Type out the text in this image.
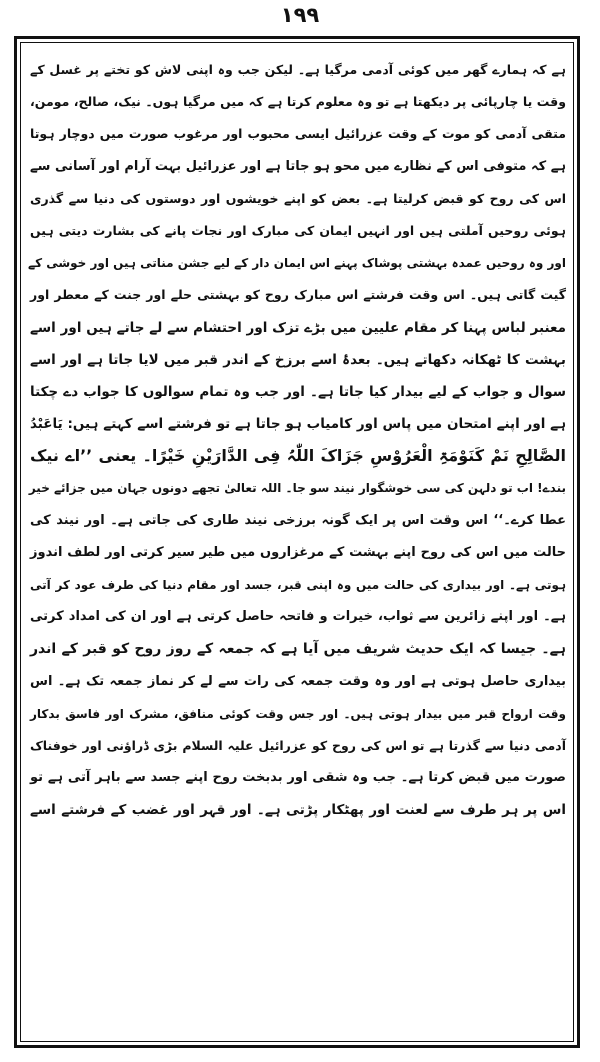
۱۹۹
ہے کہ ہمارے گھر میں کوئی آدمی مرگیا ہے۔ لیکن جب وہ اپنی لاش کو تختے پر غسل کے
وقت یا چارپائی پر دیکھتا ہے تو وہ معلوم کرتا ہے کہ میں مرگیا ہوں۔ نیک، صالح، مومن،
متقی آدمی کو موت کے وقت عزرائیل ایسی محبوب اور مرغوب صورت میں دوچار ہوتا
ہے کہ متوفی اس کے نظارے میں محو ہو جاتا ہے اور عزرائیل بہت آرام اور آسانی سے
اس کی روح کو قبض کرلیتا ہے۔ بعض کو اپنے خویشوں اور دوستوں کی دنیا سے گذری
ہوئی روحیں آملتی ہیں اور انہیں ایمان کی مبارک اور نجات پانے کی بشارت دیتی ہیں
اور وہ روحیں عمدہ بہشتی پوشاک پہنے اس ایمان دار کے لیے جشن مناتی ہیں اور خوشی کے
گیت گاتی ہیں۔ اس وقت فرشتے اس مبارک روح کو بہشتی حلے اور جنت کے معطر اور
معنبر لباس پہنا کر مقام علیین میں بڑے تزک اور احتشام سے لے جاتے ہیں اور اسے
بہشت کا ٹھکانہ دکھاتے ہیں۔ بعدۂ اسے برزخ کے اندر قبر میں لایا جاتا ہے اور اسے
سوال و جواب کے لیے بیدار کیا جاتا ہے۔ اور جب وہ تمام سوالوں کا جواب دے چکتا
ہے اور اپنے امتحان میں پاس اور کامیاب ہو جاتا ہے تو فرشتے اسے کہتے ہیں: یَاعَبْدُ
الصَّالِحِ نَمْ کَنَوْمَۃِ الْعَرُوْسِ جَزَاکَ اللّٰہُ فِی الدَّارَیْنِ خَیْرًا۔ یعنی ’’اے نیک
بندے! اب تو دلہن کی سی خوشگوار نیند سو جا۔ اللہ تعالیٰ تجھے دونوں جہان میں جزائے خیر
عطا کرے۔‘‘ اس وقت اس پر ایک گونہ برزخی نیند طاری کی جاتی ہے۔ اور نیند کی
حالت میں اس کی روح اپنے بہشت کے مرغزاروں میں طیر سیر کرتی اور لطف اندوز
ہوتی ہے۔ اور بیداری کی حالت میں وہ اپنی قبر، جسد اور مقام دنیا کی طرف عود کر آتی
ہے۔ اور اپنے زائرین سے ثواب، خیرات و فاتحہ حاصل کرتی ہے اور ان کی امداد کرتی
ہے۔ جیسا کہ ایک حدیث شریف میں آیا ہے کہ جمعہ کے روز روح کو قبر کے اندر
بیداری حاصل ہوتی ہے اور وہ وقت جمعہ کی رات سے لے کر نماز جمعہ تک ہے۔ اس
وقت ارواح قبر میں بیدار ہوتی ہیں۔ اور جس وقت کوئی منافق، مشرک اور فاسق بدکار
آدمی دنیا سے گذرتا ہے تو اس کی روح کو عزرائیل علیہ السلام بڑی ڈراؤنی اور خوفناک
صورت میں قبض کرتا ہے۔ جب وہ شقی اور بدبخت روح اپنے جسد سے باہر آتی ہے تو
اس پر ہر طرف سے لعنت اور پھٹکار پڑتی ہے۔ اور قہر اور غضب کے فرشتے اسے
